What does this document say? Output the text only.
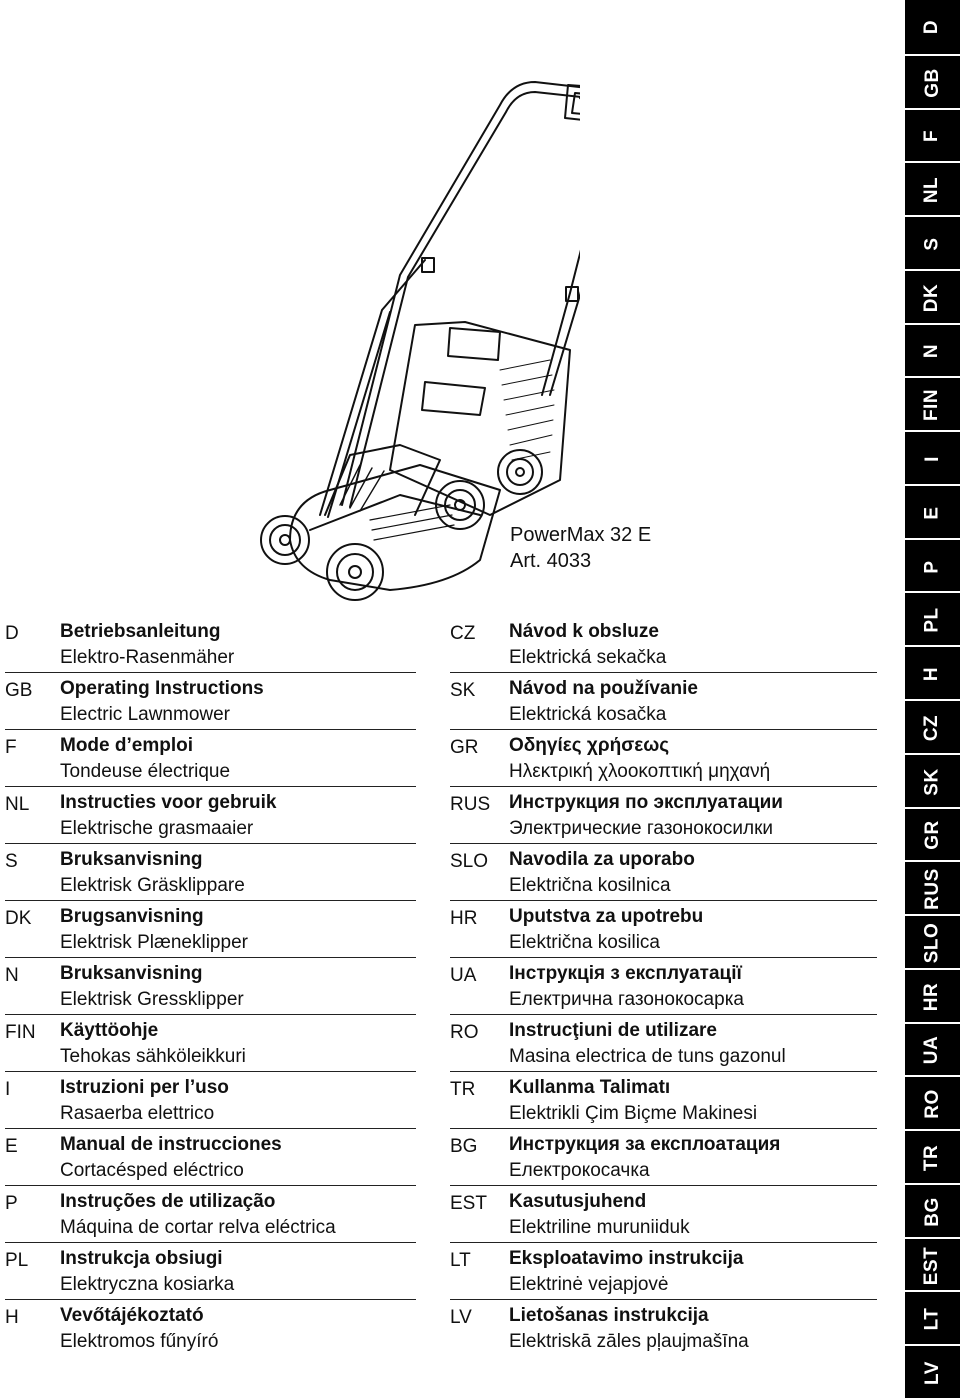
PowerMax 32 E
Art. 4033
D Betriebsanleitung
Elektro-Rasenmäher
GB Operating Instructions
Electric Lawnmower
F Mode d’emploi
Tondeuse électrique
NL Instructies voor gebruik
Elektrische grasmaaier
S Bruksanvisning
Elektrisk Gräsklippare
DK Brugsanvisning
Elektrisk Plæneklipper
N Bruksanvisning
Elektrisk Gressklipper
FIN Käyttöohje
Tehokas sähköleikkuri
I	Istruzioni per l’uso
Rasaerba elettrico
E Manual de instrucciones
Cortacésped eléctrico
P Instruções de utilização
Máquina de cortar relva eléctrica
PL Instrukcja obsiugi
Elektryczna kosiarka
H Vevőtájékoztató
Elektromos fűnyíró
CZ Návod k obsluze
Elektrická sekačka
SK Návod na používanie
Elektrická kosačka
GR Οδηγίες χρήσεως
Ηλεκτρική χλοοκοπτική μηχανή
RUS Инструкция по эксплуатации
Электрические газонокосилки
SLO Navodila za uporabo
Električna kosilnica
HR Uputstva za upotrebu
Električna kosilica
UA Інструкція з експлуатації
Електрична газонокосарка
RO Instrucţiuni de utilizare
Masina electrica de tuns gazonul
TR Kullanma Talimatı
Elektrikli Çim Biçme Makinesi
BG Инструкция за експлоатация
Електрокосачка
EST Kasutusjuhend
Elektriline muruniiduk
LT Eksploatavimo instrukcija
Elektrinė vejapjovė
LV Lietošanas instrukcija
Elektriskā zāles pļaujmašīna
D
GB
F
NL
S
DK
N
FIN
I
E
P
PL
H
CZ
SK
GR
RUS
SLO
HR
UA
RO
TR
BG
EST
LT
LV
